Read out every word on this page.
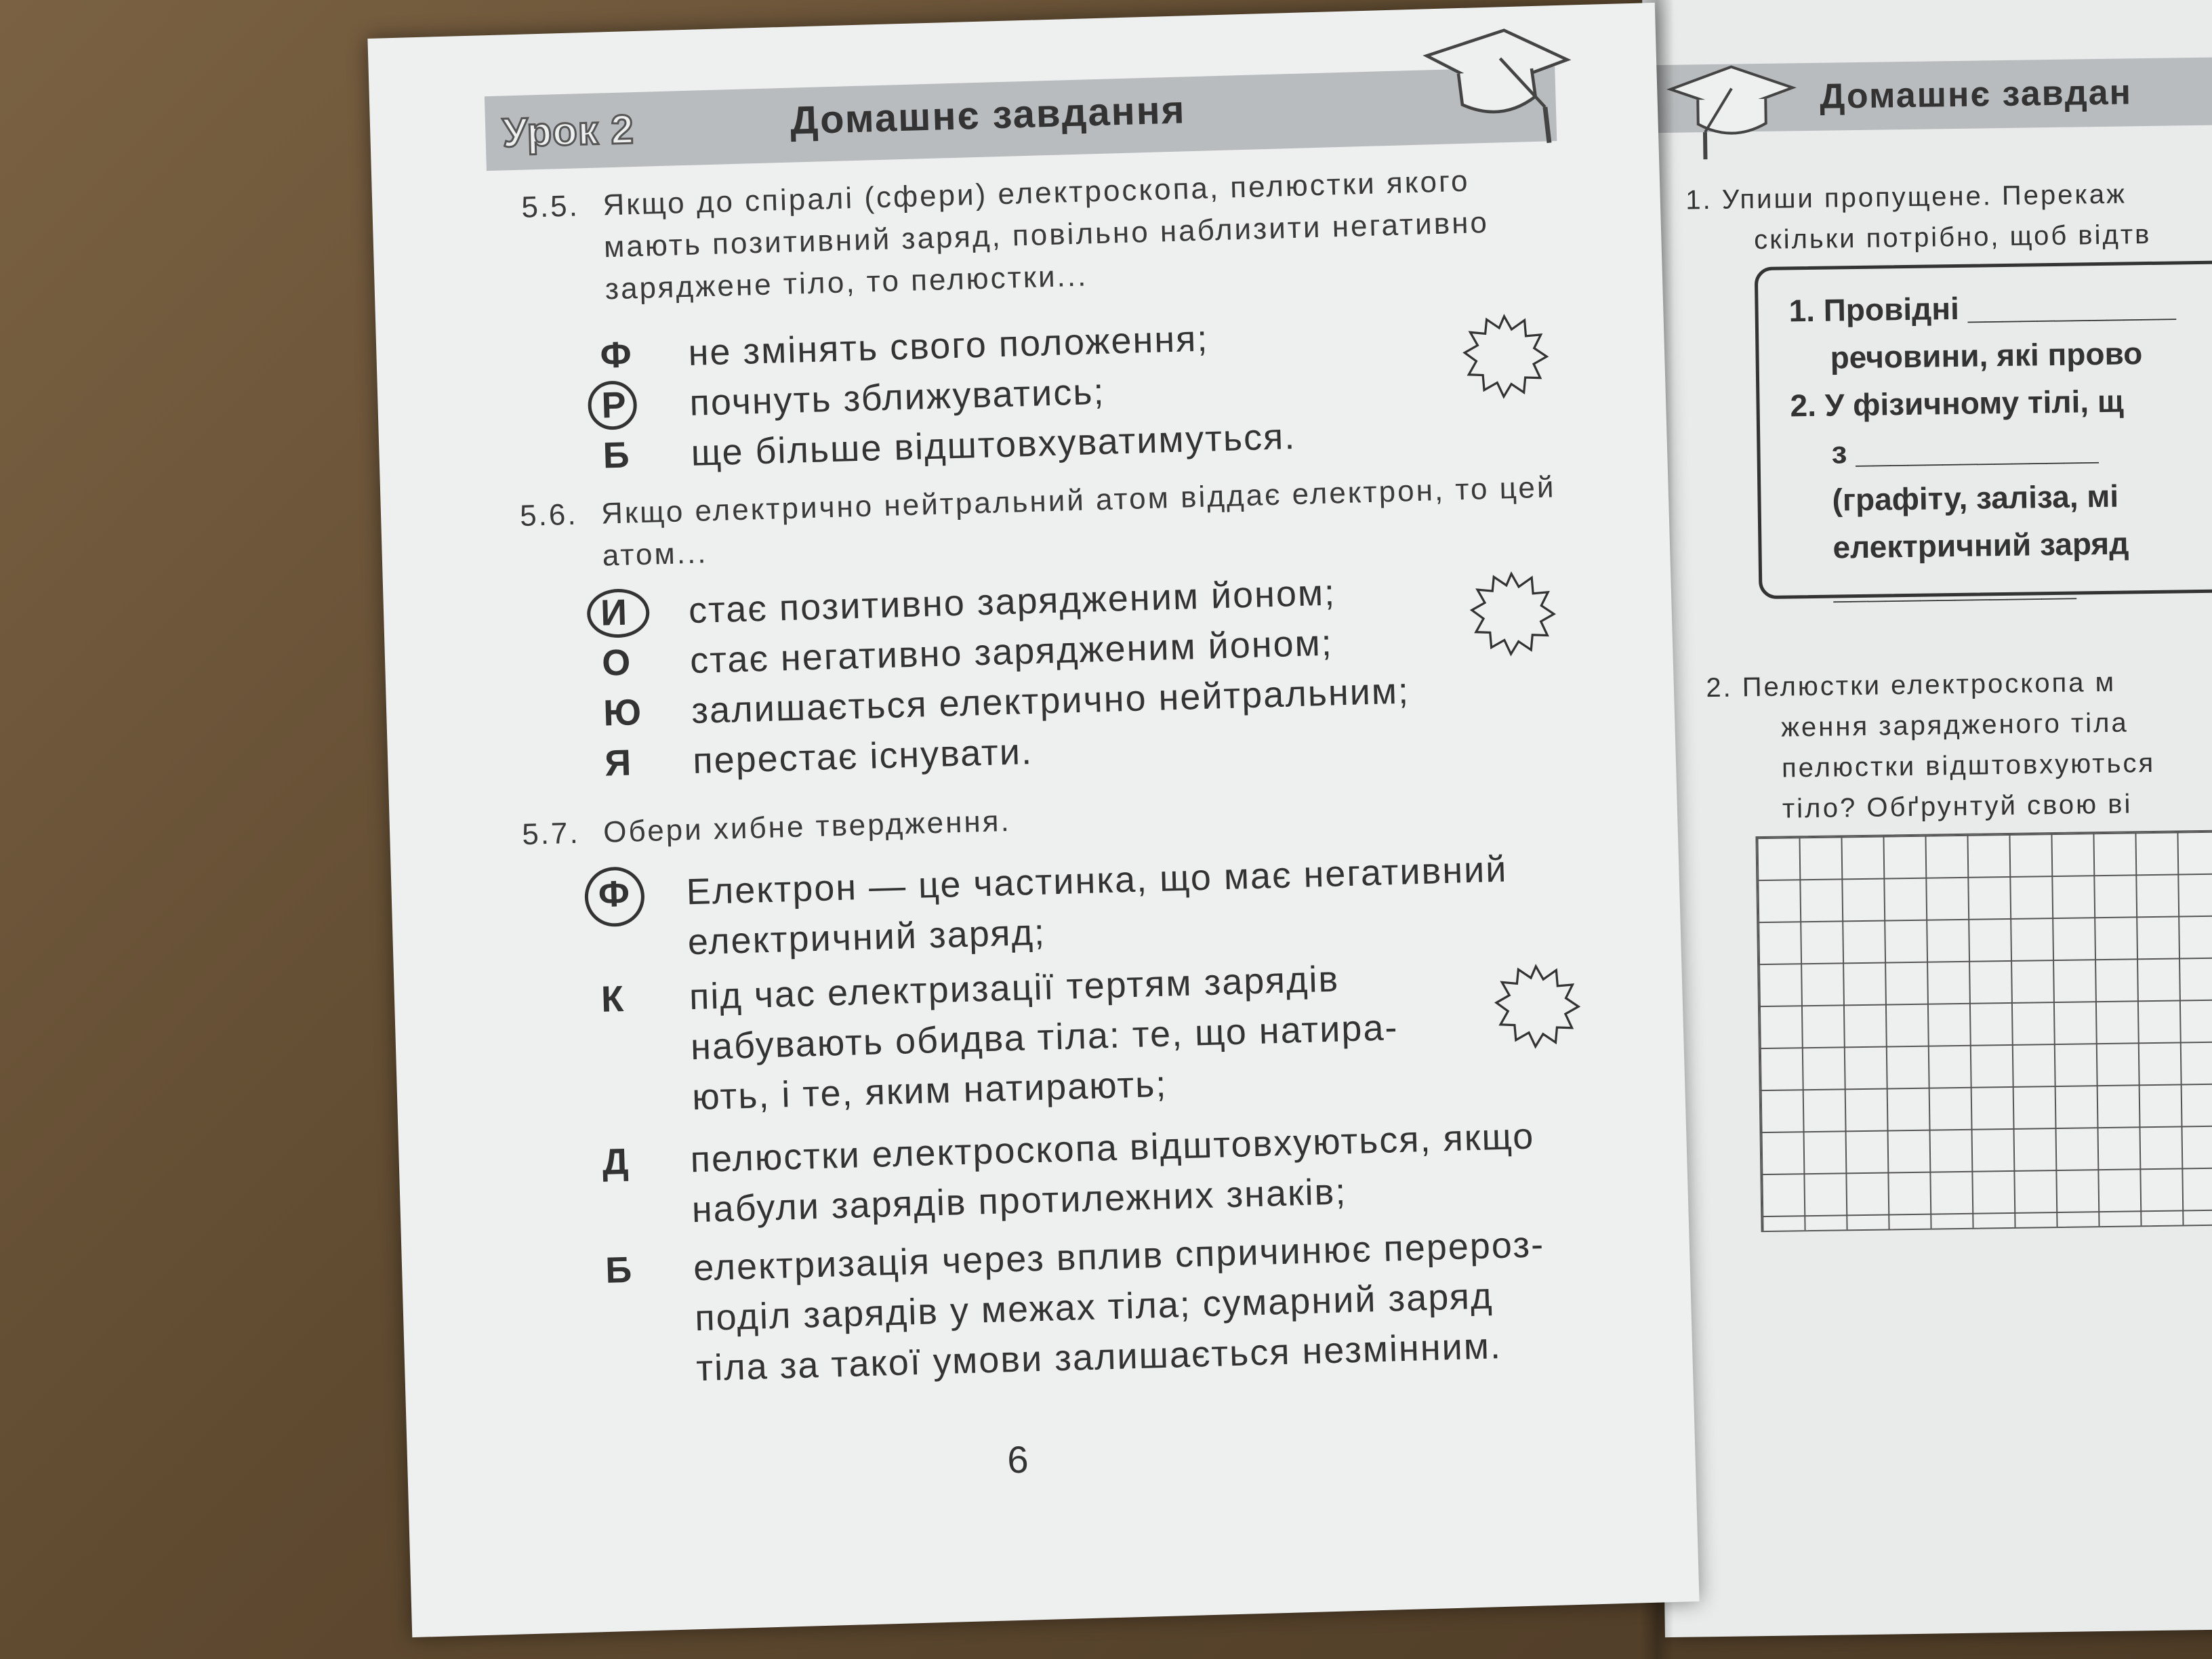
Домашнє завдан
1. Упиши пропущене. Перекаж
скільки потрібно, щоб відтв
1. Провідні ____________
речовини, які прово
2. У фізичному тілі, щ
з ______________
(графіту, заліза, мі
електричний заряд
______________
2. Пелюстки електроскопа м
ження зарядженого тіла
пелюстки відштовхуються
тіло? Обґрунтуй свою ві
Урок 2	Домашнє завдання
5.5. Якщо до спіралі (сфери) електроскопа, пелюстки якого
мають позитивний заряд, повільно наблизити негативно
заряджене тіло, то пелюстки...
Ф	не змінять свого положення;
Р	почнуть зближуватись;
Б	ще більше відштовхуватимуться.
5.6. Якщо електрично нейтральний атом віддає електрон, то цей
атом...
И	стає позитивно зарядженим йоном;
О	стає негативно зарядженим йоном;
Ю залишається електрично нейтральним;
Я	перестає існувати.
5.7. Обери хибне твердження.
Ф	Електрон — це частинка, що має негативний
електричний заряд;
К	під час електризації тертям зарядів
набувають обидва тіла: те, що натира-
ють, і те, яким натирають;
Д	пелюстки електроскопа відштовхуються, якщо
набули зарядів протилежних знаків;
Б	електризація через вплив спричинює перероз-
поділ зарядів у межах тіла; сумарний заряд
тіла за такої умови залишається незмінним.
6
